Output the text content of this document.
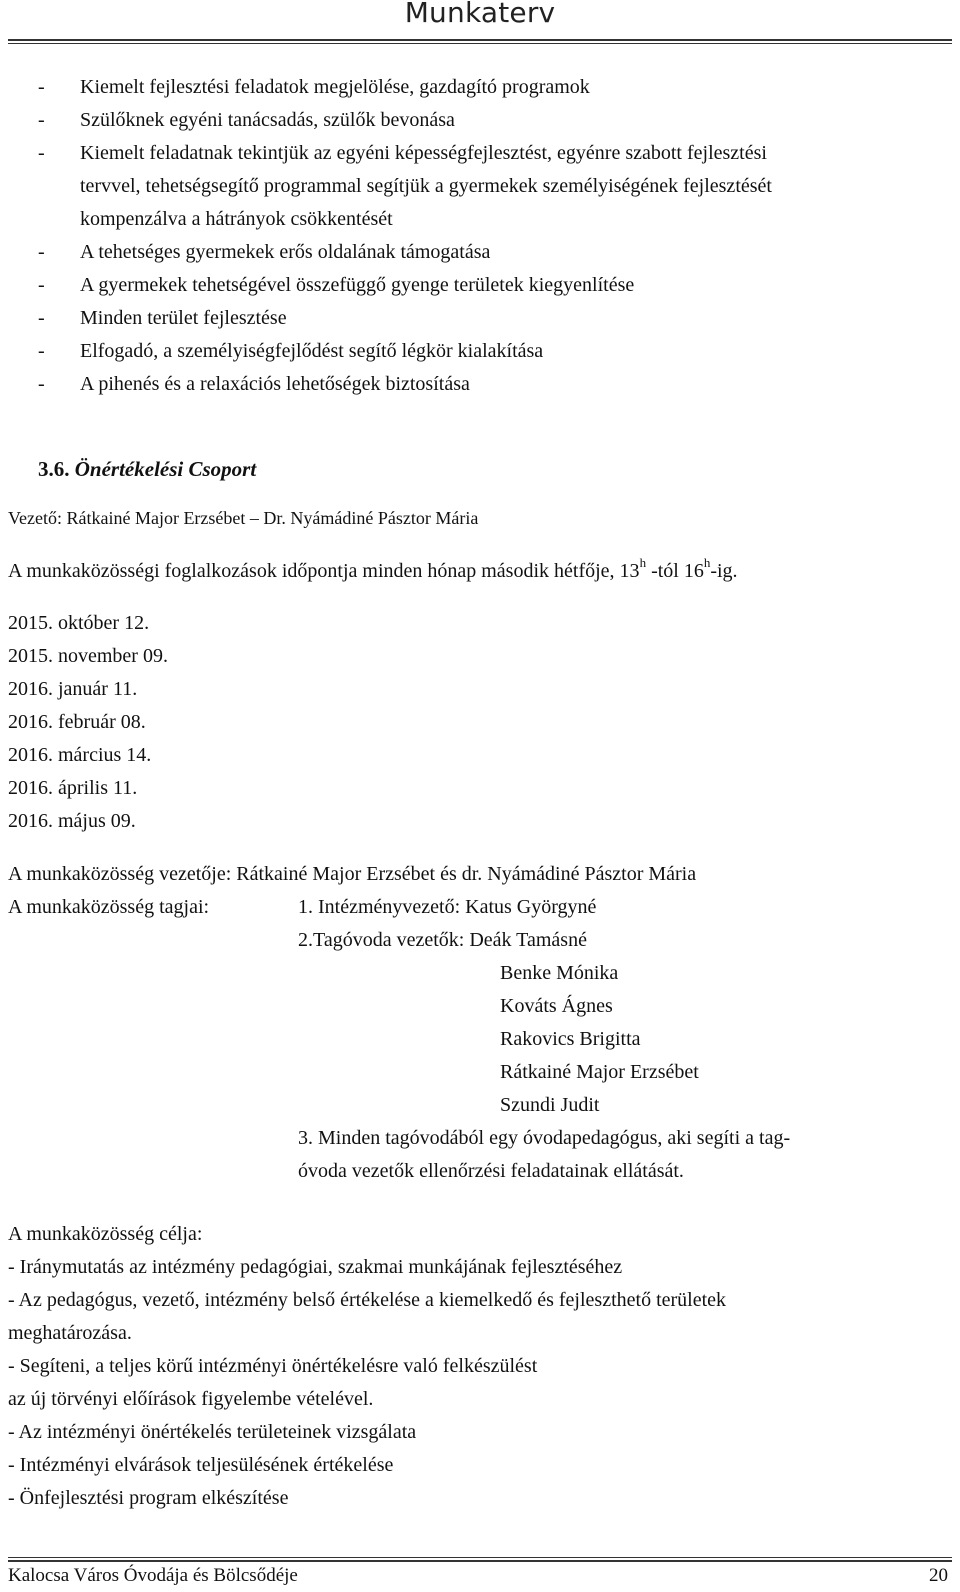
Munkaterv
- Kiemelt fejlesztési feladatok megjelölése, gazdagító programok
- Szülőknek egyéni tanácsadás, szülők bevonása
- Kiemelt feladatnak tekintjük az egyéni képességfejlesztést, egyénre szabott fejlesztési
tervvel, tehetségsegítő programmal segítjük a gyermekek személyiségének fejlesztését
kompenzálva a hátrányok csökkentését
- A tehetséges gyermekek erős oldalának támogatása
- A gyermekek tehetségével összefüggő gyenge területek kiegyenlítése
- Minden terület fejlesztése
- Elfogadó, a személyiségfejlődést segítő légkör kialakítása
- A pihenés és a relaxációs lehetőségek biztosítása
3.6. Önértékelési Csoport
Vezető: Rátkainé Major Erzsébet – Dr. Nyámádiné Pásztor Mária
A munkaközösségi foglalkozások időpontja minden hónap második hétfője, 13$^h$ -tól 16$^h$-ig.
2015. október 12.
2015. november 09.
2016. január 11.
2016. február 08.
2016. március 14.
2016. április 11.
2016. május 09.
A munkaközösség vezetője: Rátkainé Major Erzsébet és dr. Nyámádiné Pásztor Mária
A munkaközösség tagjai:	1. Intézményvezető: Katus Györgyné
2.Tagóvoda vezetők: Deák Tamásné
Benke Mónika
Kováts Ágnes
Rakovics Brigitta
Rátkainé Major Erzsébet
Szundi Judit
3. Minden tagóvodából egy óvodapedagógus, aki segíti a tag-
óvoda vezetők ellenőrzési feladatainak ellátását.
A munkaközösség célja:
- Iránymutatás az intézmény pedagógiai, szakmai munkájának fejlesztéséhez
- Az pedagógus, vezető, intézmény belső értékelése a kiemelkedő és fejleszthető területek
meghatározása.
- Segíteni, a teljes körű intézményi önértékelésre való felkészülést
az új törvényi előírások figyelembe vételével.
- Az intézményi önértékelés területeinek vizsgálata
- Intézményi elvárások teljesülésének értékelése
- Önfejlesztési program elkészítése
Kalocsa Város Óvodája és Bölcsődéje	20
